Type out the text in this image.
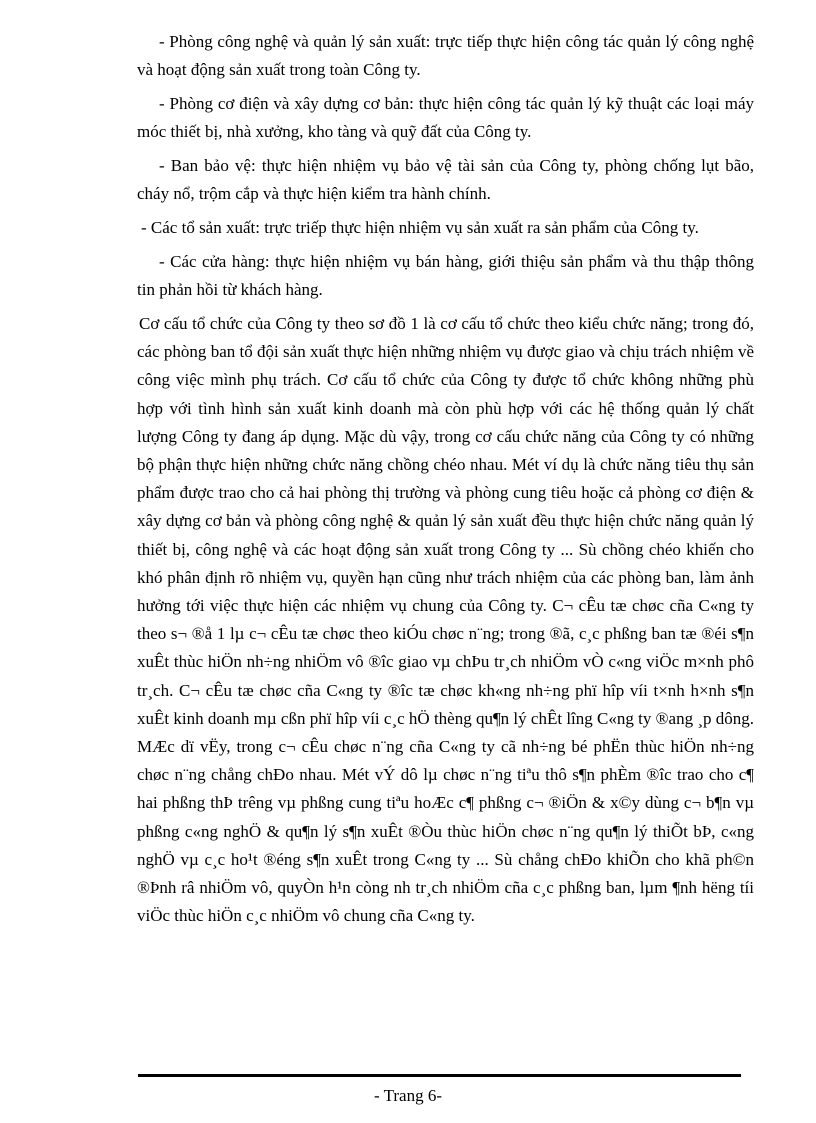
- Phòng công nghệ và quản lý sản xuất: trực tiếp thực hiện công tác quản lý công nghệ và hoạt động sản xuất trong toàn Công ty.

- Phòng cơ điện và xây dựng cơ bản: thực hiện công tác quản lý kỹ thuật các loại máy móc thiết bị, nhà xưởng, kho tàng và quỹ đất của Công ty.

- Ban bảo vệ: thực hiện nhiệm vụ bảo vệ tài sản của Công ty, phòng chống lụt bão, cháy nổ, trộm cắp và thực hiện kiểm tra hành chính.

- Các tổ sản xuất: trực triếp thực hiện nhiệm vụ sản xuất ra sản phẩm của Công ty.

- Các cửa hàng: thực hiện nhiệm vụ bán hàng, giới thiệu sản phẩm và thu thập thông tin phản hồi từ khách hàng.

Cơ cấu tổ chức của Công ty theo sơ đồ 1 là cơ cấu tổ chức theo kiểu chức năng; trong đó, các phòng ban tổ đội sản xuất thực hiện những nhiệm vụ được giao và chịu trách nhiệm về công việc mình phụ trách. Cơ cấu tổ chức của Công ty được tổ chức không những phù hợp với tình hình sản xuất kinh doanh mà còn phù hợp với các hệ thống quản lý chất lượng Công ty đang áp dụng. Mặc dù vậy, trong cơ cấu chức năng của Công ty có những bộ phận thực hiện những chức năng chồng chéo nhau. Mét ví dụ là chức năng tiêu thụ sản phẩm được trao cho cả hai phòng thị trường và phòng cung tiêu hoặc cả phòng cơ điện & xây dựng cơ bản và phòng công nghệ & quản lý sản xuất đều thực hiện chức năng quản lý thiết bị, công nghệ và các hoạt động sản xuất trong Công ty ... Sù chồng chéo khiến cho khó phân định rõ nhiệm vụ, quyền hạn cũng như trách nhiệm của các phòng ban, làm ảnh hưởng tới việc thực hiện các nhiệm vụ chung của Công ty. C¬ cÊu tæ chøc cña C«ng ty theo s¬ ®å 1 lµ c¬ cÊu tæ chøc theo kiÓu chøc n¨ng; trong ®ã, c¸c phßng ban tæ ®éi s¶n xuÊt thùc hiÖn nh÷ng nhiÖm vô ®îc giao vµ chÞu tr¸ch nhiÖm vÒ c«ng viÖc m×nh phô tr¸ch. C¬ cÊu tæ chøc cña C«ng ty ®îc tæ chøc kh«ng nh÷ng phï hîp víi t×nh h×nh s¶n xuÊt kinh doanh mµ cßn phï hîp víi c¸c hÖ thèng qu¶n lý chÊt lîng C«ng ty ®ang ¸p dông. MÆc dï vËy, trong c¬ cÊu chøc n¨ng cña C«ng ty cã nh÷ng bé phËn thùc hiÖn nh÷ng chøc n¨ng chång chÐo nhau. Mét vÝ dô lµ chøc n¨ng tiªu thô s¶n phÈm ®îc trao cho c¶ hai phßng thÞ trêng vµ phßng cung tiªu hoÆc c¶ phßng c¬ ®iÖn & x©y dùng c¬ b¶n vµ phßng c«ng nghÖ & qu¶n lý s¶n xuÊt ®Òu thùc hiÖn chøc n¨ng qu¶n lý thiÕt bÞ, c«ng nghÖ vµ c¸c ho¹t ®éng s¶n xuÊt trong C«ng ty ... Sù chång chÐo khiÕn cho khã ph©n ®Þnh râ nhiÖm vô, quyÒn h¹n còng nh tr¸ch nhiÖm cña c¸c phßng ban, lµm ¶nh hëng tíi viÖc thùc hiÖn c¸c nhiÖm vô chung cña C«ng ty.

- Trang 6-
